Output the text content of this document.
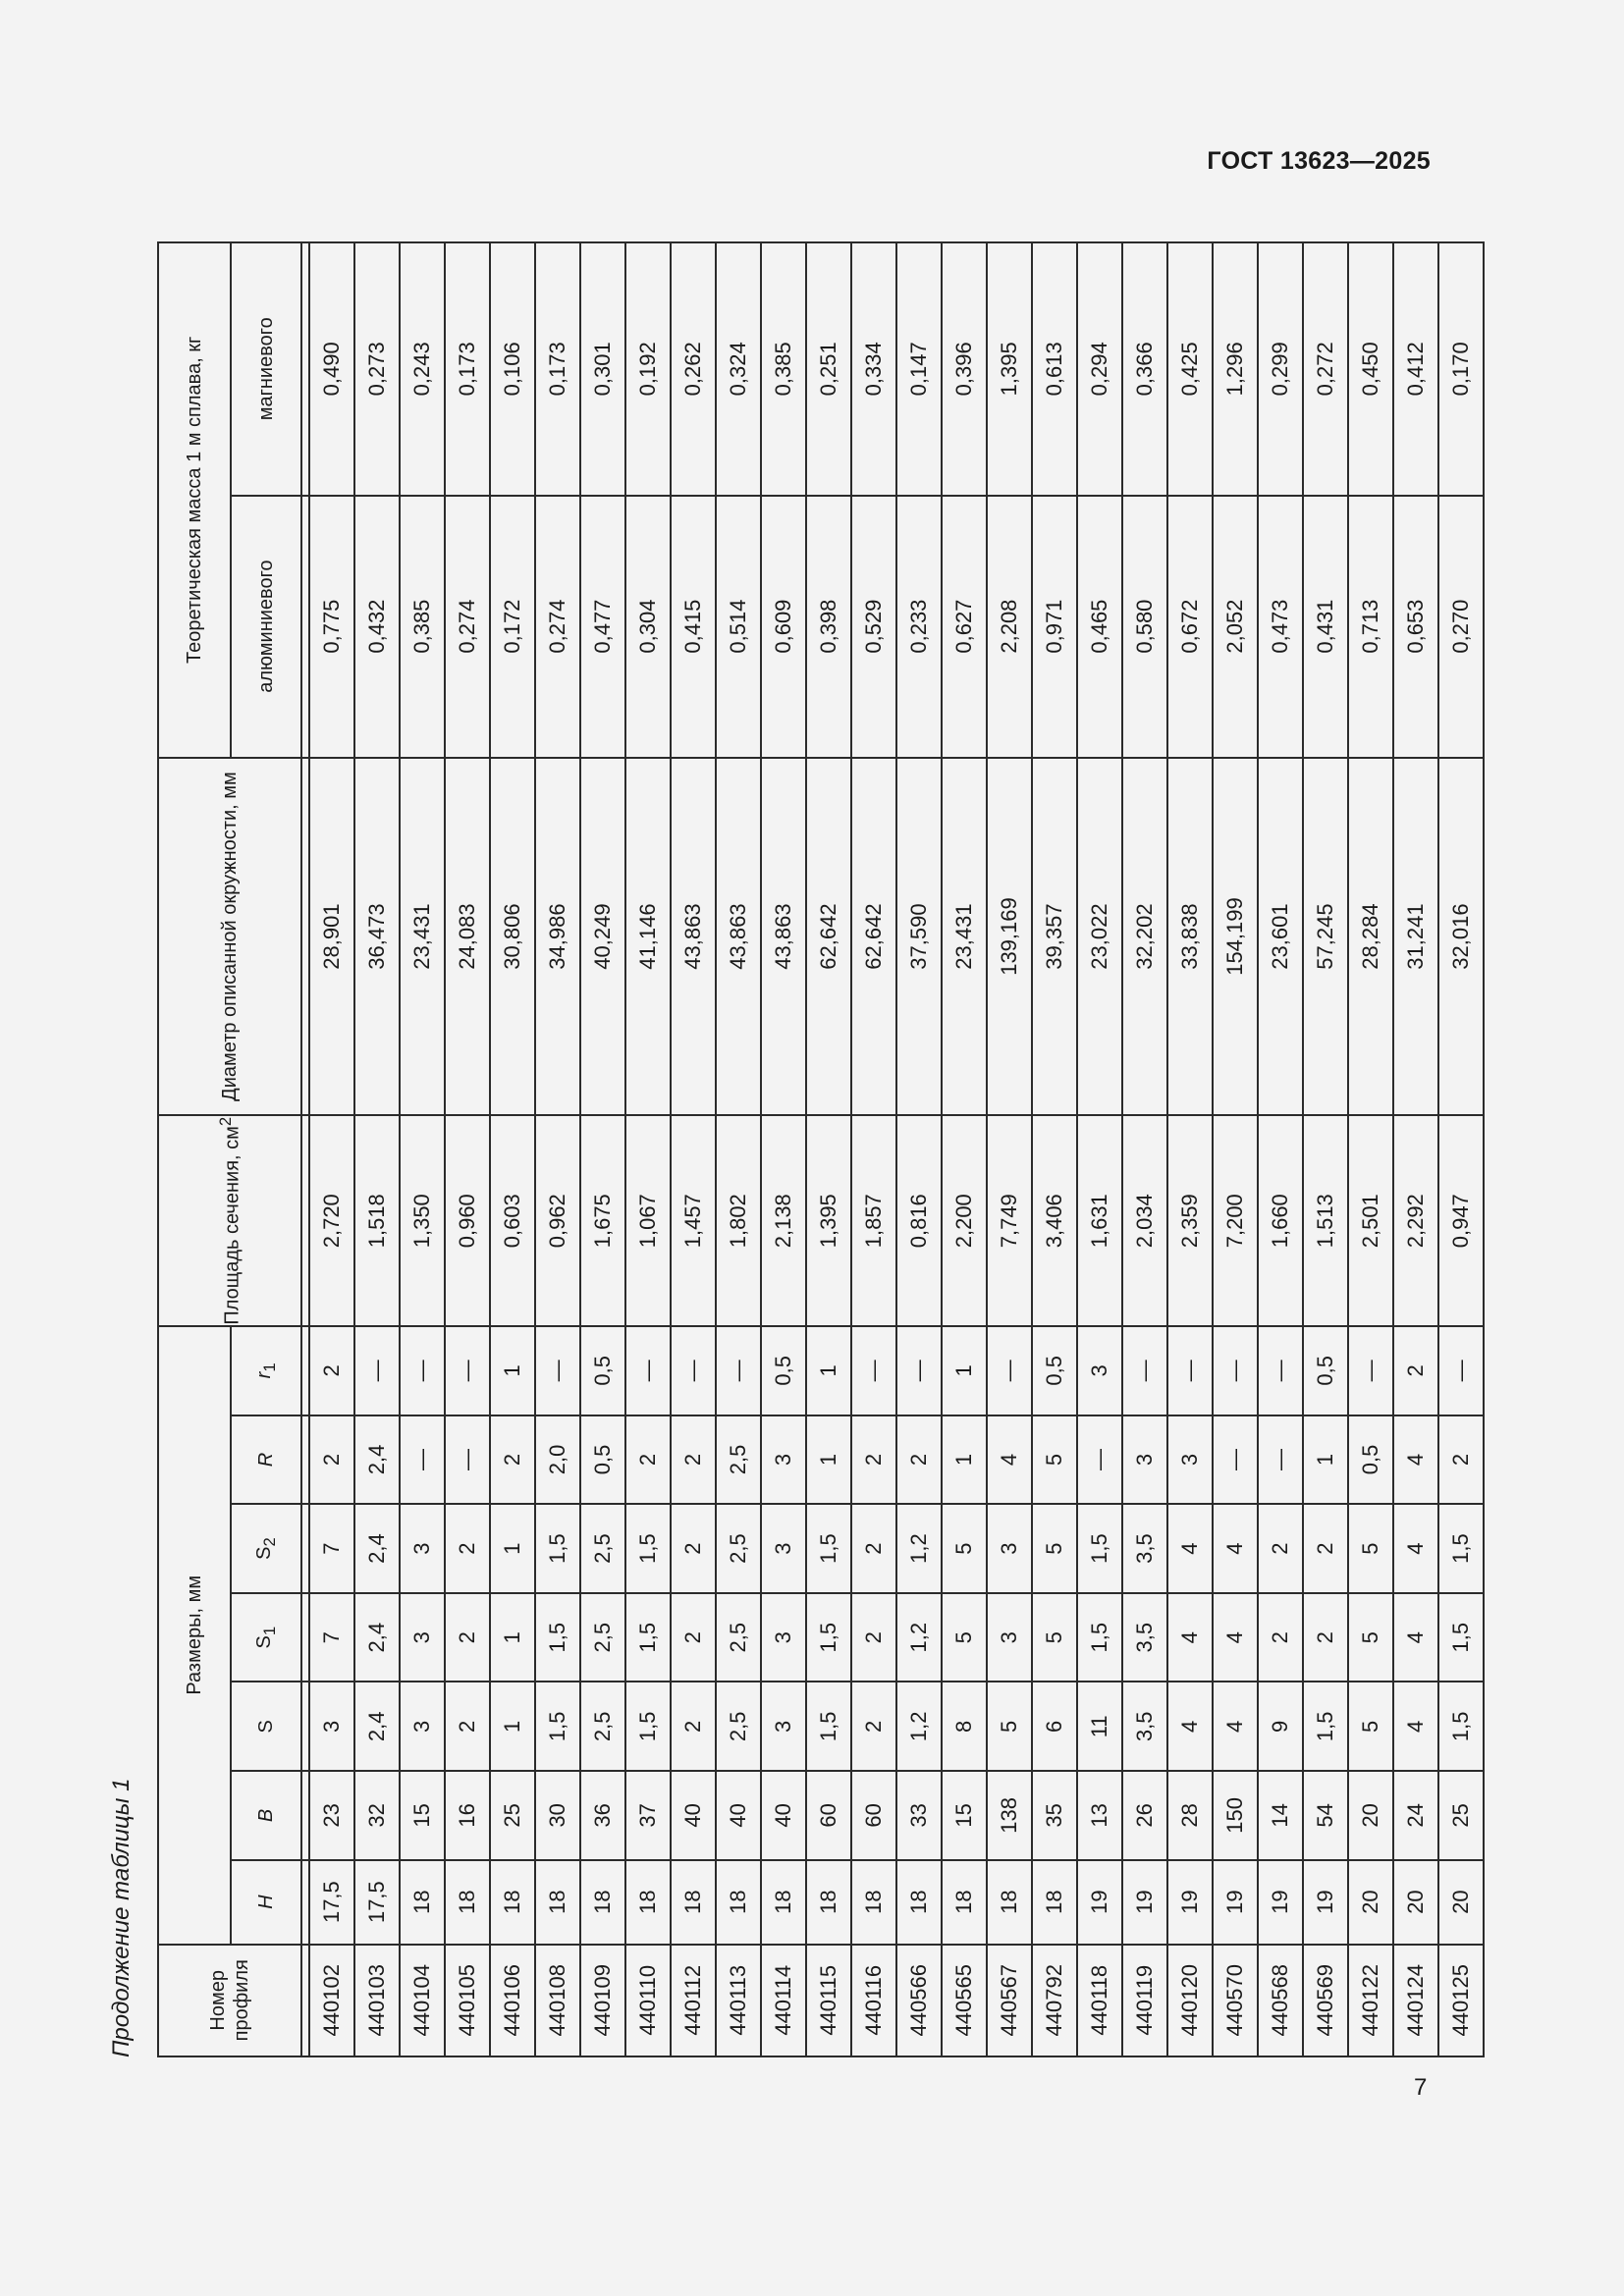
ГОСТ 13623—2025
Продолжение таблицы 1	Номер профиля	Размеры, мм							Площадь сечения, $см^2$	Диаметр описанной окружности, мм	Теоретическая масса 1 м сплава, кг	
	H	B	S	$S_1$	$S_2$	R	$r_1$			алюминиевого	магниевого

440102	17,5	23	3	7	7	2	2	2,720	28,901	0,775	0,490
440103	17,5	32	2,4	2,4	2,4	2,4	—	1,518	36,473	0,432	0,273
440104	18	15	3	3	3	—	—	1,350	23,431	0,385	0,243
440105	18	16	2	2	2	—	—	0,960	24,083	0,274	0,173
440106	18	25	1	1	1	2	1	0,603	30,806	0,172	0,106
440108	18	30	1,5	1,5	1,5	2,0	—	0,962	34,986	0,274	0,173
440109	18	36	2,5	2,5	2,5	0,5	0,5	1,675	40,249	0,477	0,301
440110	18	37	1,5	1,5	1,5	2	—	1,067	41,146	0,304	0,192
440112	18	40	2	2	2	2	—	1,457	43,863	0,415	0,262
440113	18	40	2,5	2,5	2,5	2,5	—	1,802	43,863	0,514	0,324
440114	18	40	3	3	3	3	0,5	2,138	43,863	0,609	0,385
440115	18	60	1,5	1,5	1,5	1	1	1,395	62,642	0,398	0,251
440116	18	60	2	2	2	2	—	1,857	62,642	0,529	0,334
440566	18	33	1,2	1,2	1,2	2	—	0,816	37,590	0,233	0,147
440565	18	15	8	5	5	1	1	2,200	23,431	0,627	0,396
440567	18	138	5	3	3	4	—	7,749	139,169	2,208	1,395
440792	18	35	6	5	5	5	0,5	3,406	39,357	0,971	0,613
440118	19	13	11	1,5	1,5	—	3	1,631	23,022	0,465	0,294
440119	19	26	3,5	3,5	3,5	3	—	2,034	32,202	0,580	0,366
440120	19	28	4	4	4	3	—	2,359	33,838	0,672	0,425
440570	19	150	4	4	4	—	—	7,200	154,199	2,052	1,296
440568	19	14	9	2	2	—	—	1,660	23,601	0,473	0,299
440569	19	54	1,5	2	2	1	0,5	1,513	57,245	0,431	0,272
440122	20	20	5	5	5	0,5	—	2,501	28,284	0,713	0,450
440124	20	24	4	4	4	4	2	2,292	31,241	0,653	0,412
440125	20	25	1,5	1,5	1,5	2	—	0,947	32,016	0,270	0,170
7
